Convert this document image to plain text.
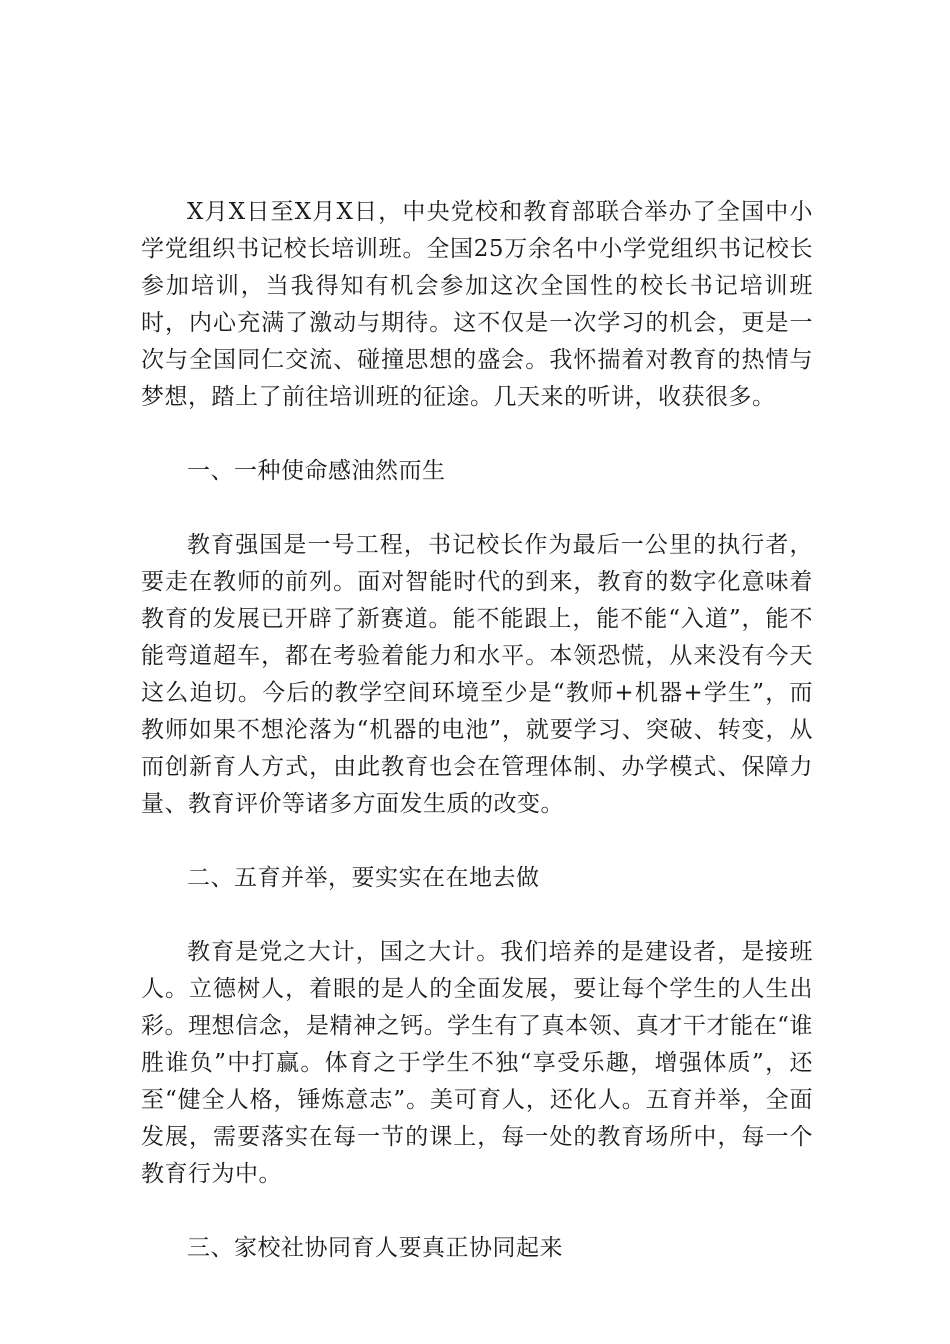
X月X日至X月X日，中央党校和教育部联合举办了全国中小学党组织书记校长培训班。全国25万余名中小学党组织书记校长参加培训，当我得知有机会参加这次全国性的校长书记培训班时，内心充满了激动与期待。这不仅是一次学习的机会，更是一次与全国同仁交流、碰撞思想的盛会。我怀揣着对教育的热情与梦想，踏上了前往培训班的征途。几天来的听讲，收获很多。

一、一种使命感油然而生

教育强国是一号工程，书记校长作为最后一公里的执行者，要走在教师的前列。面对智能时代的到来，教育的数字化意味着教育的发展已开辟了新赛道。能不能跟上，能不能“入道”，能不能弯道超车，都在考验着能力和水平。本领恐慌，从来没有今天这么迫切。今后的教学空间环境至少是“教师+机器+学生”，而教师如果不想沦落为“机器的电池”，就要学习、突破、转变，从而创新育人方式，由此教育也会在管理体制、办学模式、保障力量、教育评价等诸多方面发生质的改变。

二、五育并举，要实实在在地去做

教育是党之大计，国之大计。我们培养的是建设者，是接班人。立德树人，着眼的是人的全面发展，要让每个学生的人生出彩。理想信念，是精神之钙。学生有了真本领、真才干才能在“谁胜谁负”中打赢。体育之于学生不独“享受乐趣，增强体质”，还至“健全人格，锤炼意志”。美可育人，还化人。五育并举，全面发展，需要落实在每一节的课上，每一处的教育场所中，每一个教育行为中。

三、家校社协同育人要真正协同起来
